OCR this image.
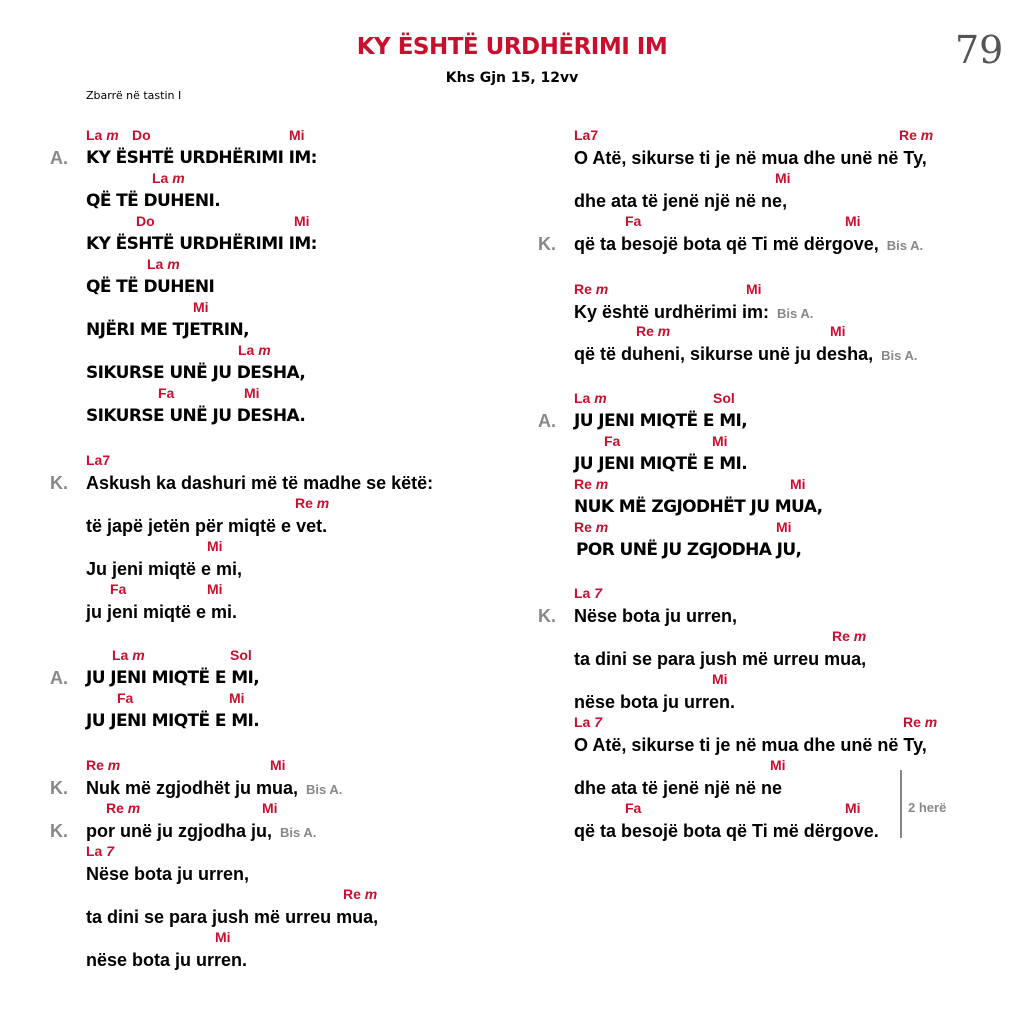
KY ËSHTË URDHËRIMI IM
Khs Gjn 15, 12vv
79
Zbarrë në tastin I
La m Do	Mi
A. KY ËSHTË URDHËRIMI IM:
La m
QË TË DUHENI.
Do	Mi
KY ËSHTË URDHËRIMI IM:
La m
QË TË DUHENI
Mi
NJËRI ME TJETRIN,
La m
SIKURSE UNË JU DESHA,
Fa	Mi
SIKURSE UNË JU DESHA.
La7
K. Askush ka dashuri më të madhe se këtë:
Re m
të japë jetën për miqtë e vet.
Mi
Ju jeni miqtë e mi,
Fa	Mi
ju jeni miqtë e mi.
La m	Sol
A. JU JENI MIQTË E MI,
Fa	Mi
JU JENI MIQTË E MI.
Re m	Mi
K. Nuk më zgjodhët ju mua, Bis A.
Re m	Mi
K. por unë ju zgjodha ju, Bis A.
La 7
Nëse bota ju urren,
Re m
ta dini se para jush më urreu mua,
Mi
nëse bota ju urren.
La7	Re m
O Atë, sikurse ti je në mua dhe unë në Ty,
Mi
dhe ata të jenë një në ne,
Fa	Mi
K. që ta besojë bota që Ti më dërgove, Bis A.
Re m	Mi
Ky është urdhërimi im: Bis A.
Re m	Mi
që të duheni, sikurse unë ju desha, Bis A.
La m	Sol
A. JU JENI MIQTË E MI,
Fa	Mi
JU JENI MIQTË E MI.
Re m	Mi
NUK MË ZGJODHËT JU MUA,
Re m	Mi
POR UNË JU ZGJODHA JU,
La 7
K. Nëse bota ju urren,
Re m
ta dini se para jush më urreu mua,
Mi
nëse bota ju urren.
La 7	Re m
O Atë, sikurse ti je në mua dhe unë në Ty,
Mi
dhe ata të jenë një në ne
Fa	Mi
që ta besojë bota që Ti më dërgove.
2 herë
